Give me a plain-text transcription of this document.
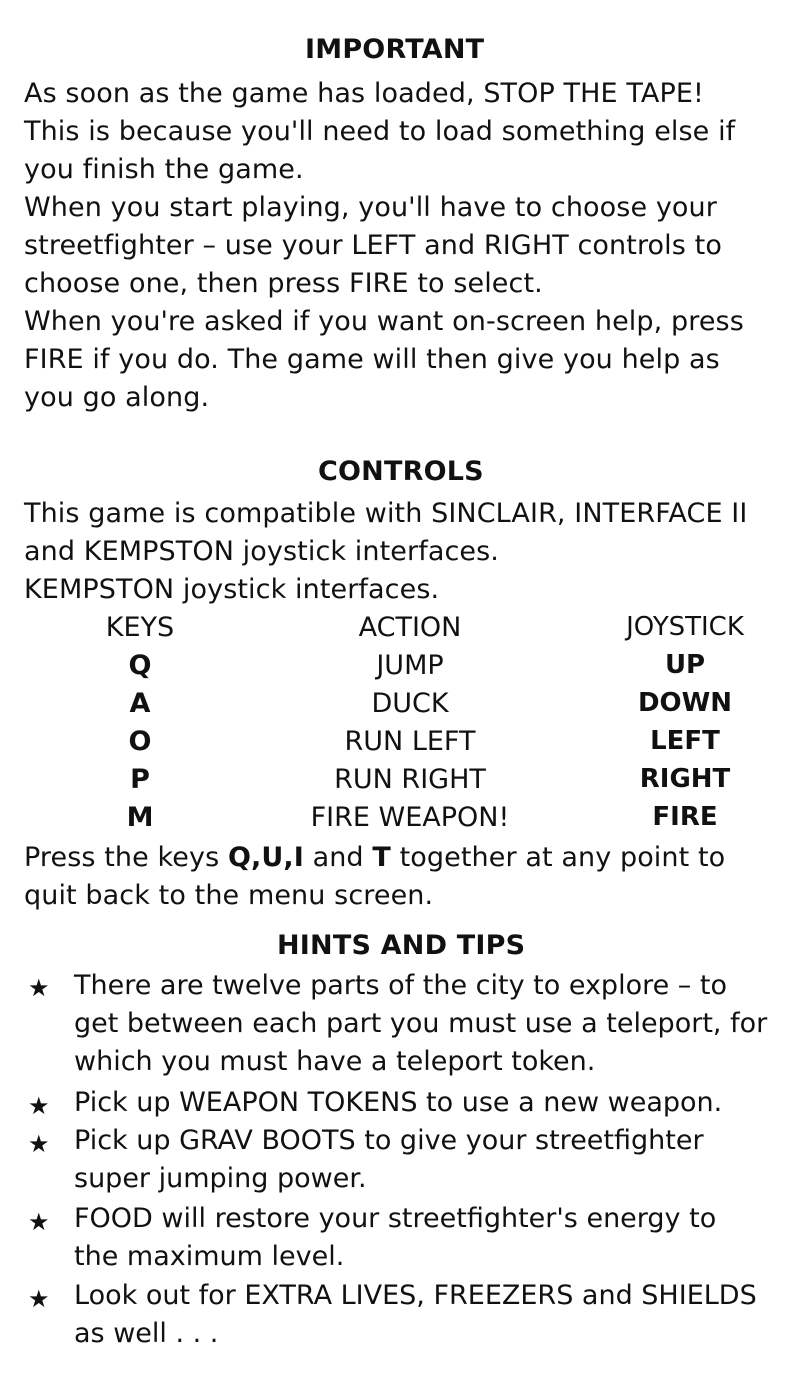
IMPORTANT
As soon as the game has loaded, STOP THE TAPE!
This is because you'll need to load something else if
you finish the game.
When you start playing, you'll have to choose your
streetfighter – use your LEFT and RIGHT controls to
choose one, then press FIRE to select.
When you're asked if you want on-screen help, press
FIRE if you do. The game will then give you help as
you go along.
CONTROLS
This game is compatible with SINCLAIR, INTERFACE II
and KEMPSTON joystick interfaces.
KEMPSTON joystick interfaces.
KEYS	ACTION	JOYSTICK
Q	JUMP	UP
A	DUCK	DOWN
O	RUN LEFT	LEFT
P	RUN RIGHT	RIGHT
M	FIRE WEAPON!	FIRE
Press the keys Q,U,I and T together at any point to
quit back to the menu screen.
HINTS AND TIPS
★ There are twelve parts of the city to explore – to
get between each part you must use a teleport, for
which you must have a teleport token.
★ Pick up WEAPON TOKENS to use a new weapon.
★ Pick up GRAV BOOTS to give your streetfighter
super jumping power.
★ FOOD will restore your streetfighter's energy to
the maximum level.
★ Look out for EXTRA LIVES, FREEZERS and SHIELDS
as well . . .
